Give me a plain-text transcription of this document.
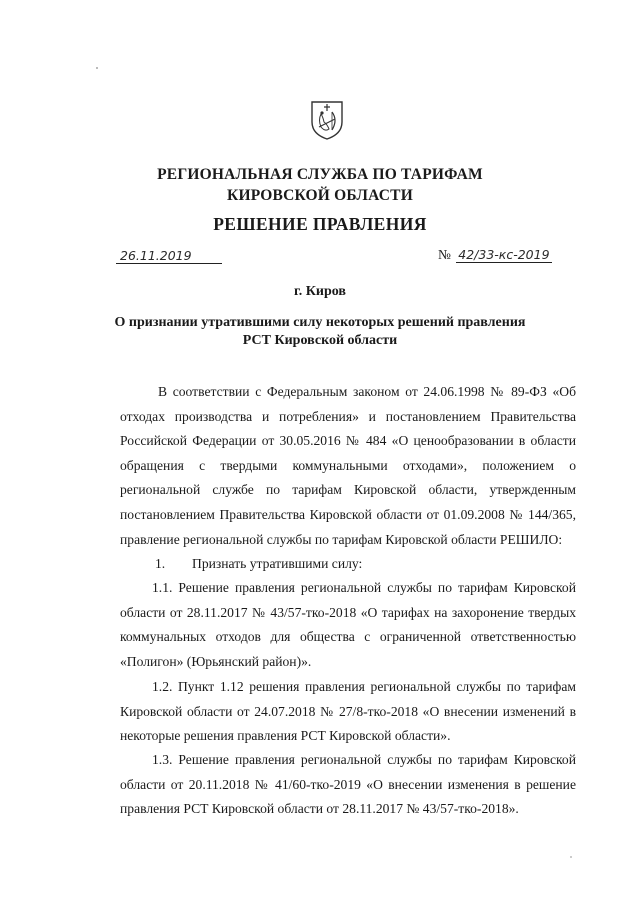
РЕГИОНАЛЬНАЯ СЛУЖБА ПО ТАРИФАМ
КИРОВСКОЙ ОБЛАСТИ
РЕШЕНИЕ ПРАВЛЕНИЯ
26.11.2019	№ 42/33-кс-2019
г. Киров
О признании утратившими силу некоторых решений правления
РСТ Кировской области
В соответствии с Федеральным законом от 24.06.1998 № 89-ФЗ «Об
отходах производства и потребления» и постановлением Правительства
Российской Федерации от 30.05.2016 № 484 «О ценообразовании в области
обращения с твердыми коммунальными отходами», положением о
региональной службе по тарифам Кировской области, утвержденным
постановлением Правительства Кировской области от 01.09.2008 № 144/365,
правление региональной службы по тарифам Кировской области РЕШИЛО:
1. Признать утратившими силу:
1.1. Решение правления региональной службы по тарифам Кировской
области от 28.11.2017 № 43/57-тко-2018 «О тарифах на захоронение твердых
коммунальных отходов для общества с ограниченной ответственностью
«Полигон» (Юрьянский район)».
1.2. Пункт 1.12 решения правления региональной службы по тарифам
Кировской области от 24.07.2018 № 27/8-тко-2018 «О внесении изменений в
некоторые решения правления РСТ Кировской области».
1.3. Решение правления региональной службы по тарифам Кировской
области от 20.11.2018 № 41/60-тко-2019 «О внесении изменения в решение
правления РСТ Кировской области от 28.11.2017 № 43/57-тко-2018».
